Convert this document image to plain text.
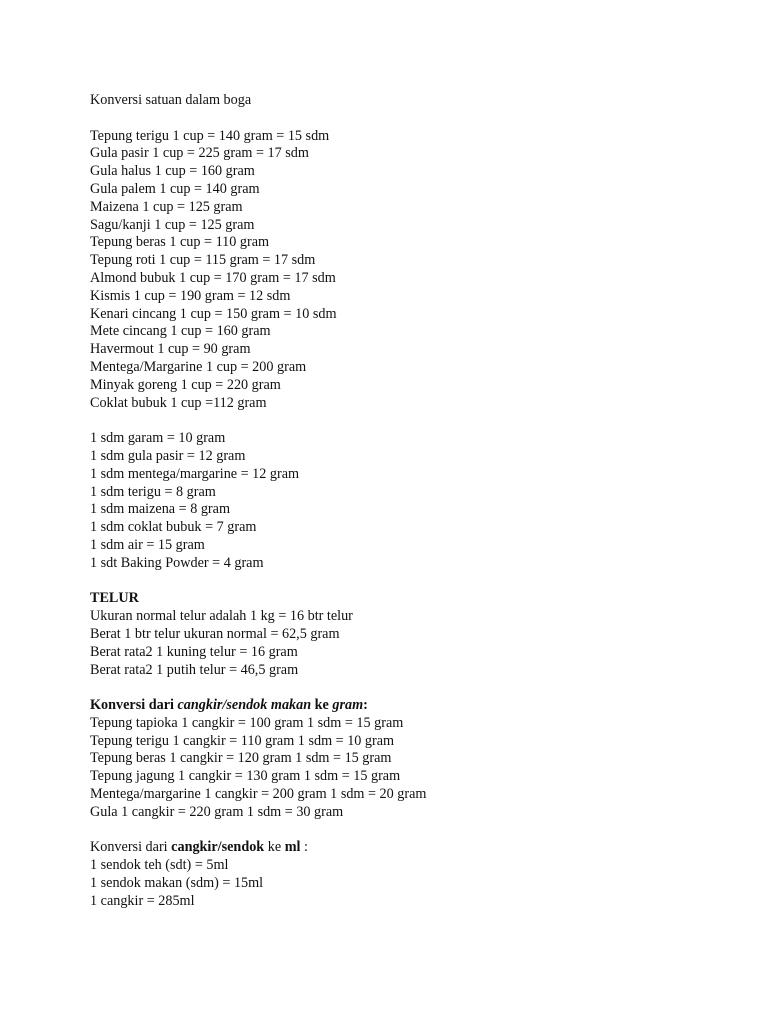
Konversi satuan dalam boga
Tepung terigu 1 cup = 140 gram = 15 sdm
Gula pasir 1 cup = 225 gram = 17 sdm
Gula halus 1 cup = 160 gram
Gula palem 1 cup = 140 gram
Maizena 1 cup = 125 gram
Sagu/kanji 1 cup = 125 gram
Tepung beras 1 cup = 110 gram
Tepung roti 1 cup = 115 gram = 17 sdm
Almond bubuk 1 cup = 170 gram = 17 sdm
Kismis 1 cup = 190 gram = 12 sdm
Kenari cincang 1 cup = 150 gram = 10 sdm
Mete cincang 1 cup = 160 gram
Havermout 1 cup = 90 gram
Mentega/Margarine 1 cup = 200 gram
Minyak goreng 1 cup = 220 gram
Coklat bubuk 1 cup =112 gram
1 sdm garam = 10 gram
1 sdm gula pasir = 12 gram
1 sdm mentega/margarine = 12 gram
1 sdm terigu = 8 gram
1 sdm maizena = 8 gram
1 sdm coklat bubuk = 7 gram
1 sdm air = 15 gram
1 sdt Baking Powder = 4 gram
TELUR
Ukuran normal telur adalah 1 kg = 16 btr telur
Berat 1 btr telur ukuran normal = 62,5 gram
Berat rata2 1 kuning telur = 16 gram
Berat rata2 1 putih telur = 46,5 gram
Konversi dari cangkir/sendok makan ke gram:
Tepung tapioka 1 cangkir = 100 gram 1 sdm = 15 gram
Tepung terigu 1 cangkir = 110 gram 1 sdm = 10 gram
Tepung beras 1 cangkir = 120 gram 1 sdm = 15 gram
Tepung jagung 1 cangkir = 130 gram 1 sdm = 15 gram
Mentega/margarine 1 cangkir = 200 gram 1 sdm = 20 gram
Gula 1 cangkir = 220 gram 1 sdm = 30 gram
Konversi dari cangkir/sendok ke ml :
1 sendok teh (sdt) = 5ml
1 sendok makan (sdm) = 15ml
1 cangkir = 285ml
